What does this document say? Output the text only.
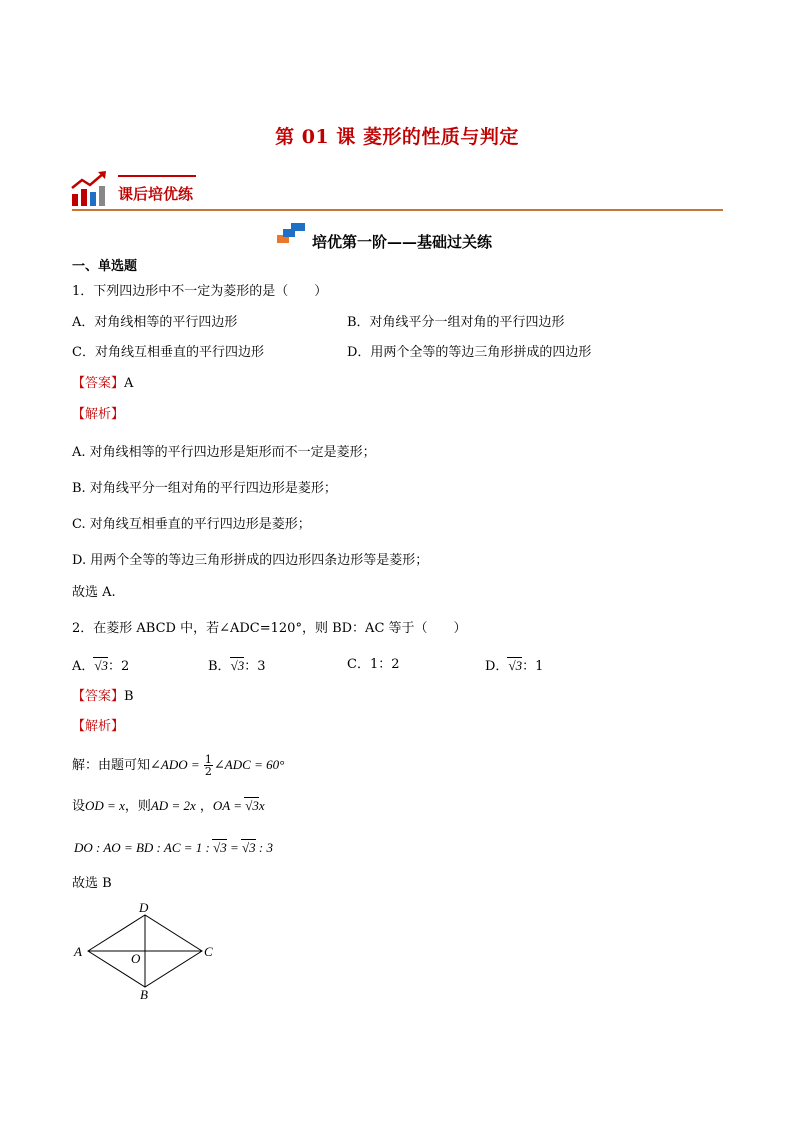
第 01 课 菱形的性质与判定
课后培优练
培优第一阶——基础过关练
一、单选题
1．下列四边形中不一定为菱形的是（　　）
A．对角线相等的平行四边形	B．对角线平分一组对角的平行四边形
C．对角线互相垂直的平行四边形	D．用两个全等的等边三角形拼成的四边形
【答案】A
【解析】
A. 对角线相等的平行四边形是矩形而不一定是菱形；
B. 对角线平分一组对角的平行四边形是菱形；
C. 对角线互相垂直的平行四边形是菱形；
D. 用两个全等的等边三角形拼成的四边形四条边形等是菱形；
故选 A.
2．在菱形 ABCD 中，若∠ADC=120°，则 BD：AC 等于（　　）
A．√3：2	B．√3：3	C．1：2	D．√3：1
【答案】B
【解析】
解：由题可知∠ADO = $\frac{1}{2}$ ∠ADC = 60°
设OD = x，则AD = 2x ，OA = √3x
DO : AO = BD : AC = 1 : √3 = √3 : 3
故选 B
A
D
C
B
O
